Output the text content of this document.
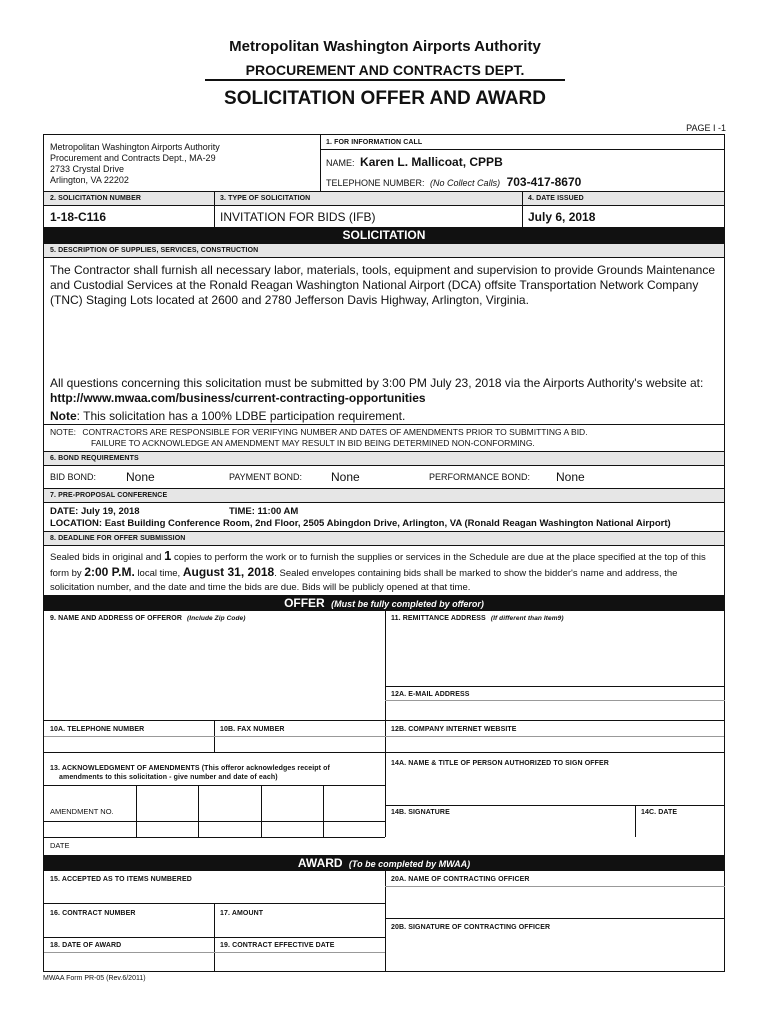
Metropolitan Washington Airports Authority
PROCUREMENT AND CONTRACTS DEPT.
SOLICITATION OFFER AND AWARD
PAGE I -1
Metropolitan Washington Airports Authority
Procurement and Contracts Dept., MA-29
2733 Crystal Drive
Arlington, VA 22202
1. FOR INFORMATION CALL
NAME: Karen L. Mallicoat, CPPB
TELEPHONE NUMBER: (No Collect Calls) 703-417-8670
2. SOLICITATION NUMBER	3. TYPE OF SOLICITATION	4. DATE ISSUED
1-18-C116	INVITATION FOR BIDS (IFB)	July 6, 2018
SOLICITATION
5. DESCRIPTION OF SUPPLIES, SERVICES, CONSTRUCTION
The Contractor shall furnish all necessary labor, materials, tools, equipment and supervision to provide Grounds Maintenance and Custodial Services at the Ronald Reagan Washington National Airport (DCA) offsite Transportation Network Company (TNC) Staging Lots located at 2600 and 2780 Jefferson Davis Highway, Arlington, Virginia.
All questions concerning this solicitation must be submitted by 3:00 PM July 23, 2018 via the Airports Authority's website at: http://www.mwaa.com/business/current-contracting-opportunities
Note: This solicitation has a 100% LDBE participation requirement.
NOTE: CONTRACTORS ARE RESPONSIBLE FOR VERIFYING NUMBER AND DATES OF AMENDMENTS PRIOR TO SUBMITTING A BID.
FAILURE TO ACKNOWLEDGE AN AMENDMENT MAY RESULT IN BID BEING DETERMINED NON-CONFORMING.
6. BOND REQUIREMENTS
BID BOND: None	PAYMENT BOND: None	PERFORMANCE BOND: None
7. PRE-PROPOSAL CONFERENCE
DATE: July 19, 2018	TIME: 11:00 AM
LOCATION: East Building Conference Room, 2nd Floor, 2505 Abingdon Drive, Arlington, VA (Ronald Reagan Washington National Airport)
8. DEADLINE FOR OFFER SUBMISSION
Sealed bids in original and 1 copies to perform the work or to furnish the supplies or services in the Schedule are due at the place specified at the top of this form by 2:00 P.M. local time, August 31, 2018. Sealed envelopes containing bids shall be marked to show the bidder's name and address, the solicitation number, and the date and time the bids are due. Bids will be publicly opened at that time.
OFFER (Must be fully completed by offeror)
9. NAME AND ADDRESS OF OFFEROR (Include Zip Code)	11. REMITTANCE ADDRESS (If different than Item9)
12A. E-MAIL ADDRESS
10A. TELEPHONE NUMBER	10B. FAX NUMBER	12B. COMPANY INTERNET WEBSITE
13. ACKNOWLEDGMENT OF AMENDMENTS (This offeror acknowledges receipt of
amendments to this solicitation - give number and date of each)
14A. NAME & TITLE OF PERSON AUTHORIZED TO SIGN OFFER
AMENDMENT NO.	14B. SIGNATURE	14C. DATE
DATE
AWARD (To be completed by MWAA)
15. ACCEPTED AS TO ITEMS NUMBERED	20A. NAME OF CONTRACTING OFFICER
16. CONTRACT NUMBER	17. AMOUNT
20B. SIGNATURE OF CONTRACTING OFFICER
18. DATE OF AWARD	19. CONTRACT EFFECTIVE DATE
MWAA Form PR-05 (Rev.6/2011)
